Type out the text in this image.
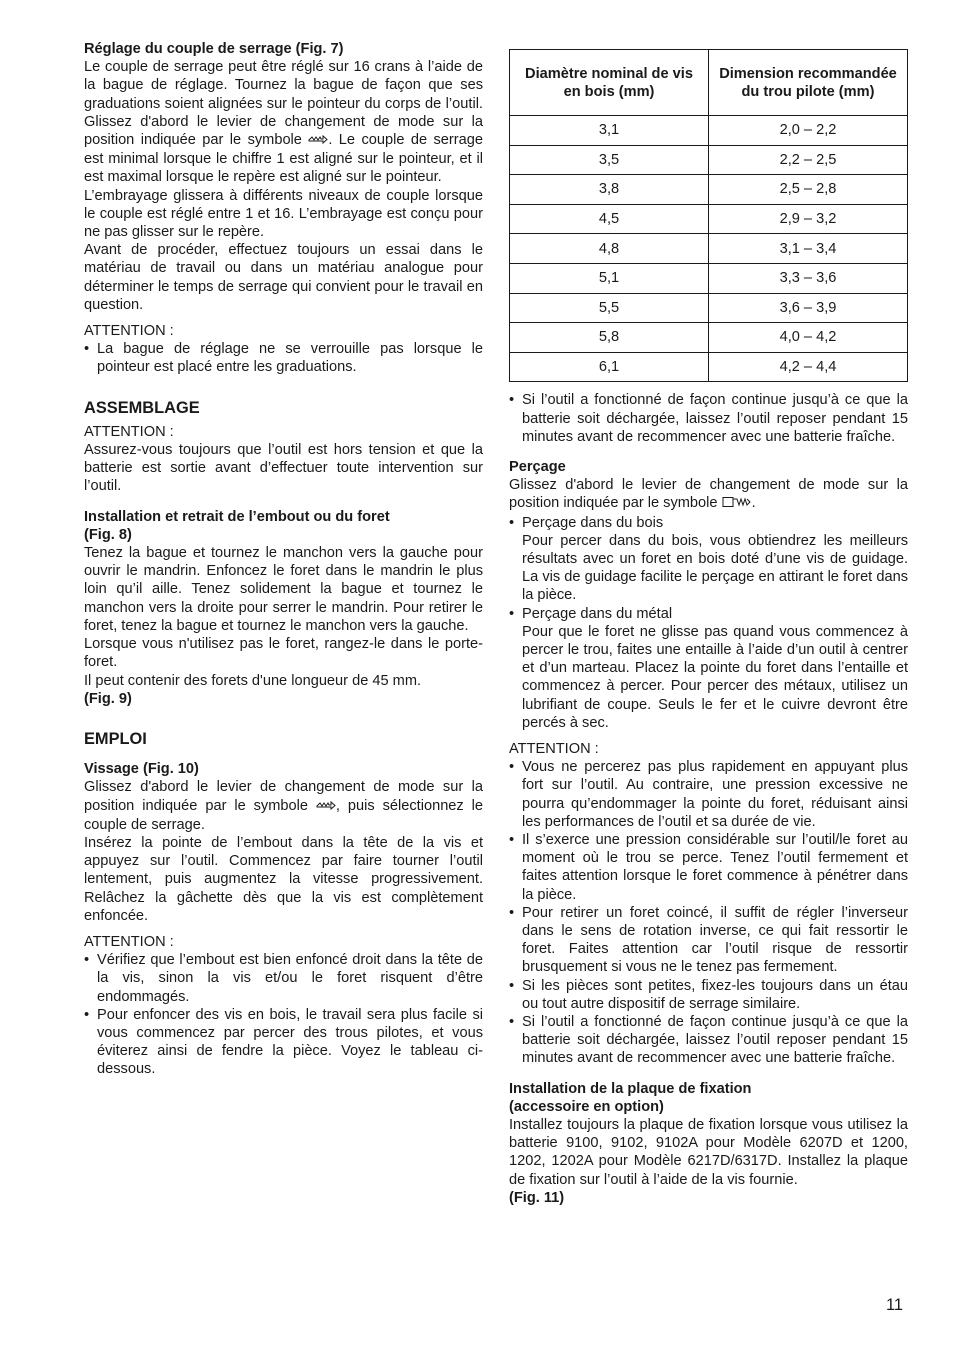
Réglage du couple de serrage (Fig. 7)

Le couple de serrage peut être réglé sur 16 crans à l’aide de la bague de réglage. Tournez la bague de façon que ses graduations soient alignées sur le pointeur du corps de l’outil. Glissez d'abord le levier de changement de mode sur la position indiquée par le symbole . Le couple de serrage est minimal lorsque le chiffre 1 est aligné sur le pointeur, et il est maximal lorsque le repère est aligné sur le pointeur.

L’embrayage glissera à différents niveaux de couple lorsque le couple est réglé entre 1 et 16. L’embrayage est conçu pour ne pas glisser sur le repère.

Avant de procéder, effectuez toujours un essai dans le matériau de travail ou dans un matériau analogue pour déterminer le temps de serrage qui convient pour le travail en question.

ATTENTION :
• La bague de réglage ne se verrouille pas lorsque le pointeur est placé entre les graduations.
ASSEMBLAGE
ATTENTION :

Assurez-vous toujours que l’outil est hors tension et que la batterie est sortie avant d’effectuer toute intervention sur l’outil.

Installation et retrait de l’embout ou du foret
(Fig. 8)

Tenez la bague et tournez le manchon vers la gauche pour ouvrir le mandrin. Enfoncez le foret dans le mandrin le plus loin qu’il aille. Tenez solidement la bague et tournez le manchon vers la droite pour serrer le mandrin. Pour retirer le foret, tenez la bague et tournez le manchon vers la gauche.

Lorsque vous n'utilisez pas le foret, rangez-le dans le porte-foret.

Il peut contenir des forets d'une longueur de 45 mm.

(Fig. 9)
EMPLOI
Vissage (Fig. 10)

Glissez d'abord le levier de changement de mode sur la position indiquée par le symbole , puis sélectionnez le couple de serrage.

Insérez la pointe de l’embout dans la tête de la vis et appuyez sur l’outil. Commencez par faire tourner l’outil lentement, puis augmentez la vitesse progressivement. Relâchez la gâchette dès que la vis est complètement enfoncée.

ATTENTION :
• Vérifiez que l’embout est bien enfoncé droit dans la tête de la vis, sinon la vis et/ou le foret risquent d’être endommagés.
• Pour enfoncer des vis en bois, le travail sera plus facile si vous commencez par percer des trous pilotes, et vous éviterez ainsi de fendre la pièce. Voyez le tableau ci-dessous.
Diamètre nominal de vis en bois (mm)	Dimension recommandée du trou pilote (mm)
3,1	2,0 – 2,2
3,5	2,2 – 2,5
3,8	2,5 – 2,8
4,5	2,9 – 3,2
4,8	3,1 – 3,4
5,1	3,3 – 3,6
5,5	3,6 – 3,9
5,8	4,0 – 4,2
6,1	4,2 – 4,4
• Si l’outil a fonctionné de façon continue jusqu’à ce que la batterie soit déchargée, laissez l’outil reposer pendant 15 minutes avant de recommencer avec une batterie fraîche.
Perçage

Glissez d'abord le levier de changement de mode sur la position indiquée par le symbole .

• Perçage dans du bois
Pour percer dans du bois, vous obtiendrez les meilleurs résultats avec un foret en bois doté d’une vis de guidage. La vis de guidage facilite le perçage en attirant le foret dans la pièce.
• Perçage dans du métal
Pour que le foret ne glisse pas quand vous commencez à percer le trou, faites une entaille à l’aide d’un outil à centrer et d’un marteau. Placez la pointe du foret dans l’entaille et commencez à percer. Pour percer des métaux, utilisez un lubrifiant de coupe. Seuls le fer et le cuivre devront être percés à sec.
ATTENTION :
• Vous ne percerez pas plus rapidement en appuyant plus fort sur l’outil. Au contraire, une pression excessive ne pourra qu’endommager la pointe du foret, réduisant ainsi les performances de l’outil et sa durée de vie.
• Il s’exerce une pression considérable sur l’outil/le foret au moment où le trou se perce. Tenez l’outil fermement et faites attention lorsque le foret commence à pénétrer dans la pièce.
• Pour retirer un foret coincé, il suffit de régler l’inverseur dans le sens de rotation inverse, ce qui fait ressortir le foret. Faites attention car l’outil risque de ressortir brusquement si vous ne le tenez pas fermement.
• Si les pièces sont petites, fixez-les toujours dans un étau ou tout autre dispositif de serrage similaire.
• Si l’outil a fonctionné de façon continue jusqu’à ce que la batterie soit déchargée, laissez l’outil reposer pendant 15 minutes avant de recommencer avec une batterie fraîche.
Installation de la plaque de fixation
(accessoire en option)

Installez toujours la plaque de fixation lorsque vous utilisez la batterie 9100, 9102, 9102A pour Modèle 6207D et 1200, 1202, 1202A pour Modèle 6217D/6317D. Installez la plaque de fixation sur l’outil à l’aide de la vis fournie.

(Fig. 11)
11
